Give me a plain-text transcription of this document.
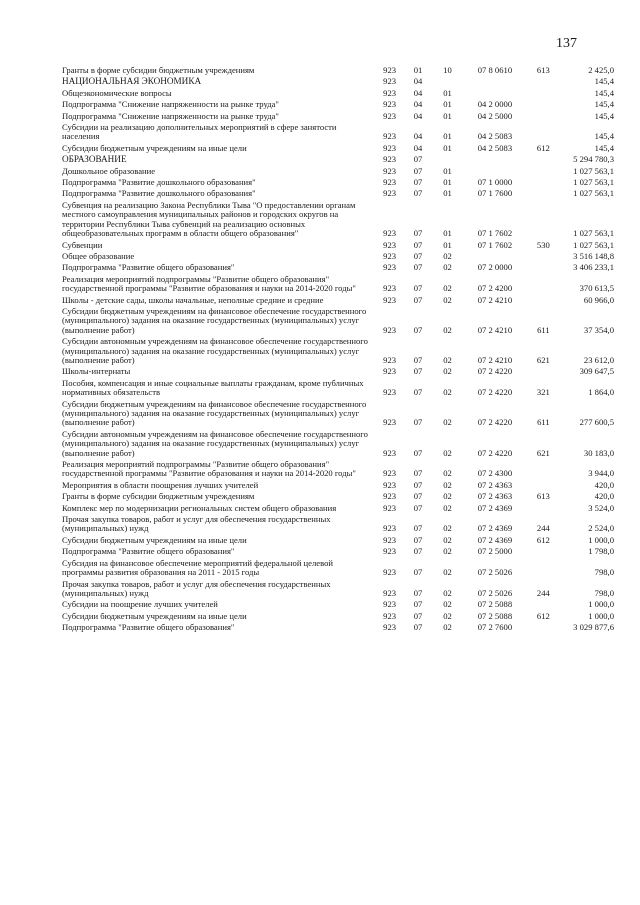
137
Гранты в форме субсидии бюджетным учреждениям	923	01	10	07 8 0610	613	2 425,0
НАЦИОНАЛЬНАЯ ЭКОНОМИКА	923	04				145,4
Общеэкономические вопросы	923	04	01			145,4
Подпрограмма "Снижение напряженности на рынке труда"	923	04	01	04 2 0000		145,4
Подпрограмма "Снижение напряженности на рынке труда"	923	04	01	04 2 5000		145,4
Субсидии на реализацию дополнительных мероприятий в сфере занятости населения	923	04	01	04 2 5083		145,4
Субсидии бюджетным учреждениям на иные цели	923	04	01	04 2 5083	612	145,4
ОБРАЗОВАНИЕ	923	07				5 294 780,3
Дошкольное образование	923	07	01			1 027 563,1
Подпрограмма "Развитие дошкольного образования"	923	07	01	07 1 0000		1 027 563,1
Подпрограмма "Развитие дошкольного образования"	923	07	01	07 1 7600		1 027 563,1
Субвенция на реализацию Закона Республики Тыва "О предоставлении органам местного самоуправления муниципальных районов и городских округов на территории Республики Тыва субвенций на реализацию основных общеобразовательных программ в области общего образования"	923	07	01	07 1 7602		1 027 563,1
Субвенции	923	07	01	07 1 7602	530	1 027 563,1
Общее образование	923	07	02			3 516 148,8
Подпрограмма "Развитие общего образования"	923	07	02	07 2 0000		3 406 233,1
Реализация мероприятий подпрограммы "Развитие общего образования" государственной программы "Развитие образования и науки на 2014-2020 годы"	923	07	02	07 2 4200		370 613,5
Школы - детские сады, школы начальные, неполные средние и средние	923	07	02	07 2 4210		60 966,0
Субсидии бюджетным учреждениям на финансовое обеспечение государственного (муниципального) задания на оказание государственных (муниципальных) услуг (выполнение работ)	923	07	02	07 2 4210	611	37 354,0
Субсидии автономным учреждениям на финансовое обеспечение государственного (муниципального) задания на оказание государственных (муниципальных) услуг (выполнение работ)	923	07	02	07 2 4210	621	23 612,0
Школы-интернаты	923	07	02	07 2 4220		309 647,5
Пособия, компенсация и иные социальные выплаты гражданам, кроме публичных нормативных обязательств	923	07	02	07 2 4220	321	1 864,0
Субсидии бюджетным учреждениям на финансовое обеспечение государственного (муниципального) задания на оказание государственных (муниципальных) услуг (выполнение работ)	923	07	02	07 2 4220	611	277 600,5
Субсидии автономным учреждениям на финансовое обеспечение государственного (муниципального) задания на оказание государственных (муниципальных) услуг (выполнение работ)	923	07	02	07 2 4220	621	30 183,0
Реализация мероприятий подпрограммы "Развитие общего образования" государственной программы "Развитие образования и науки на 2014-2020 годы"	923	07	02	07 2 4300		3 944,0
Мероприятия в области поощрения лучших учителей	923	07	02	07 2 4363		420,0
Гранты в форме субсидии бюджетным учреждениям	923	07	02	07 2 4363	613	420,0
Комплекс мер по модернизации региональных систем общего образования	923	07	02	07 2 4369		3 524,0
Прочая закупка товаров, работ и услуг для обеспечения государственных (муниципальных) нужд	923	07	02	07 2 4369	244	2 524,0
Субсидии бюджетным учреждениям на иные цели	923	07	02	07 2 4369	612	1 000,0
Подпрограмма "Развитие общего образования"	923	07	02	07 2 5000		1 798,0
Субсидия на финансовое обеспечение мероприятий федеральной целевой программы развития образования на 2011 - 2015 годы	923	07	02	07 2 5026		798,0
Прочая закупка товаров, работ и услуг для обеспечения государственных (муниципальных) нужд	923	07	02	07 2 5026	244	798,0
Субсидии на поощрение лучших учителей	923	07	02	07 2 5088		1 000,0
Субсидии бюджетным учреждениям на иные цели	923	07	02	07 2 5088	612	1 000,0
Подпрограмма "Развитие общего образования"	923	07	02	07 2 7600		3 029 877,6
